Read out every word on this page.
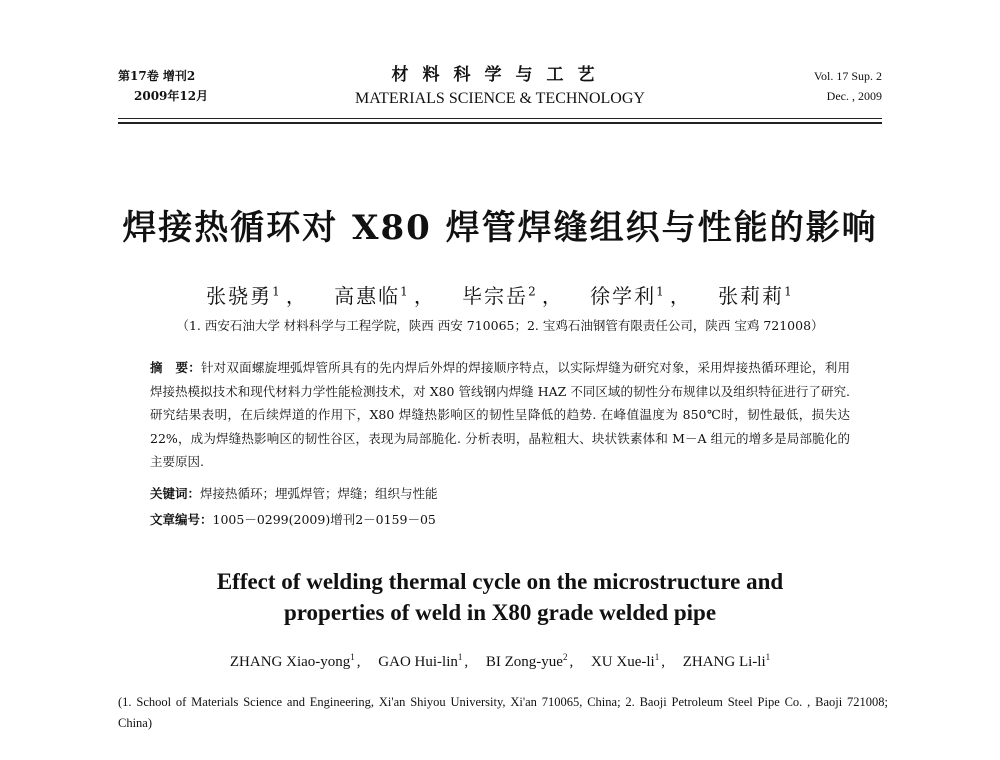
第17卷 增刊2
2009年12月
材料科学与工艺
MATERIALS SCIENCE & TECHNOLOGY
Vol. 17 Sup. 2
Dec. , 2009
焊接热循环对 X80 焊管焊缝组织与性能的影响
张骁勇$^1$ ， 高惠临$^1$ ， 毕宗岳$^2$ ， 徐学利$^1$ ， 张莉莉$^1$
（1. 西安石油大学 材料科学与工程学院，陕西 西安 710065；2. 宝鸡石油钢管有限责任公司，陕西 宝鸡 721008）
摘　要：针对双面螺旋埋弧焊管所具有的先内焊后外焊的焊接顺序特点，以实际焊缝为研究对象，采用焊接热循环理论，利用焊接热模拟技术和现代材料力学性能检测技术，对 X80 管线钢内焊缝 HAZ 不同区域的韧性分布规律以及组织特征进行了研究. 研究结果表明，在后续焊道的作用下，X80 焊缝热影响区的韧性呈降低的趋势. 在峰值温度为 850℃时，韧性最低，损失达 22%，成为焊缝热影响区的韧性谷区，表现为局部脆化. 分析表明，晶粒粗大、块状铁素体和 M－A 组元的增多是局部脆化的主要原因.
关键词：焊接热循环；埋弧焊管；焊缝；组织与性能
文章编号：1005－0299(2009)增刊2－0159－05
Effect of welding thermal cycle on the microstructure and
properties of weld in X80 grade welded pipe
ZHANG Xiao-yong$^1$ , GAO Hui-lin$^1$ , BI Zong-yue$^2$ , XU Xue-$li^1$ , ZHANG $Li-li^1$
(1. School of Materials Science and Engineering, Xi'an Shiyou University, Xi'an 710065, China; 2. Baoji Petroleum Steel Pipe Co. , Baoji 721008; China)
